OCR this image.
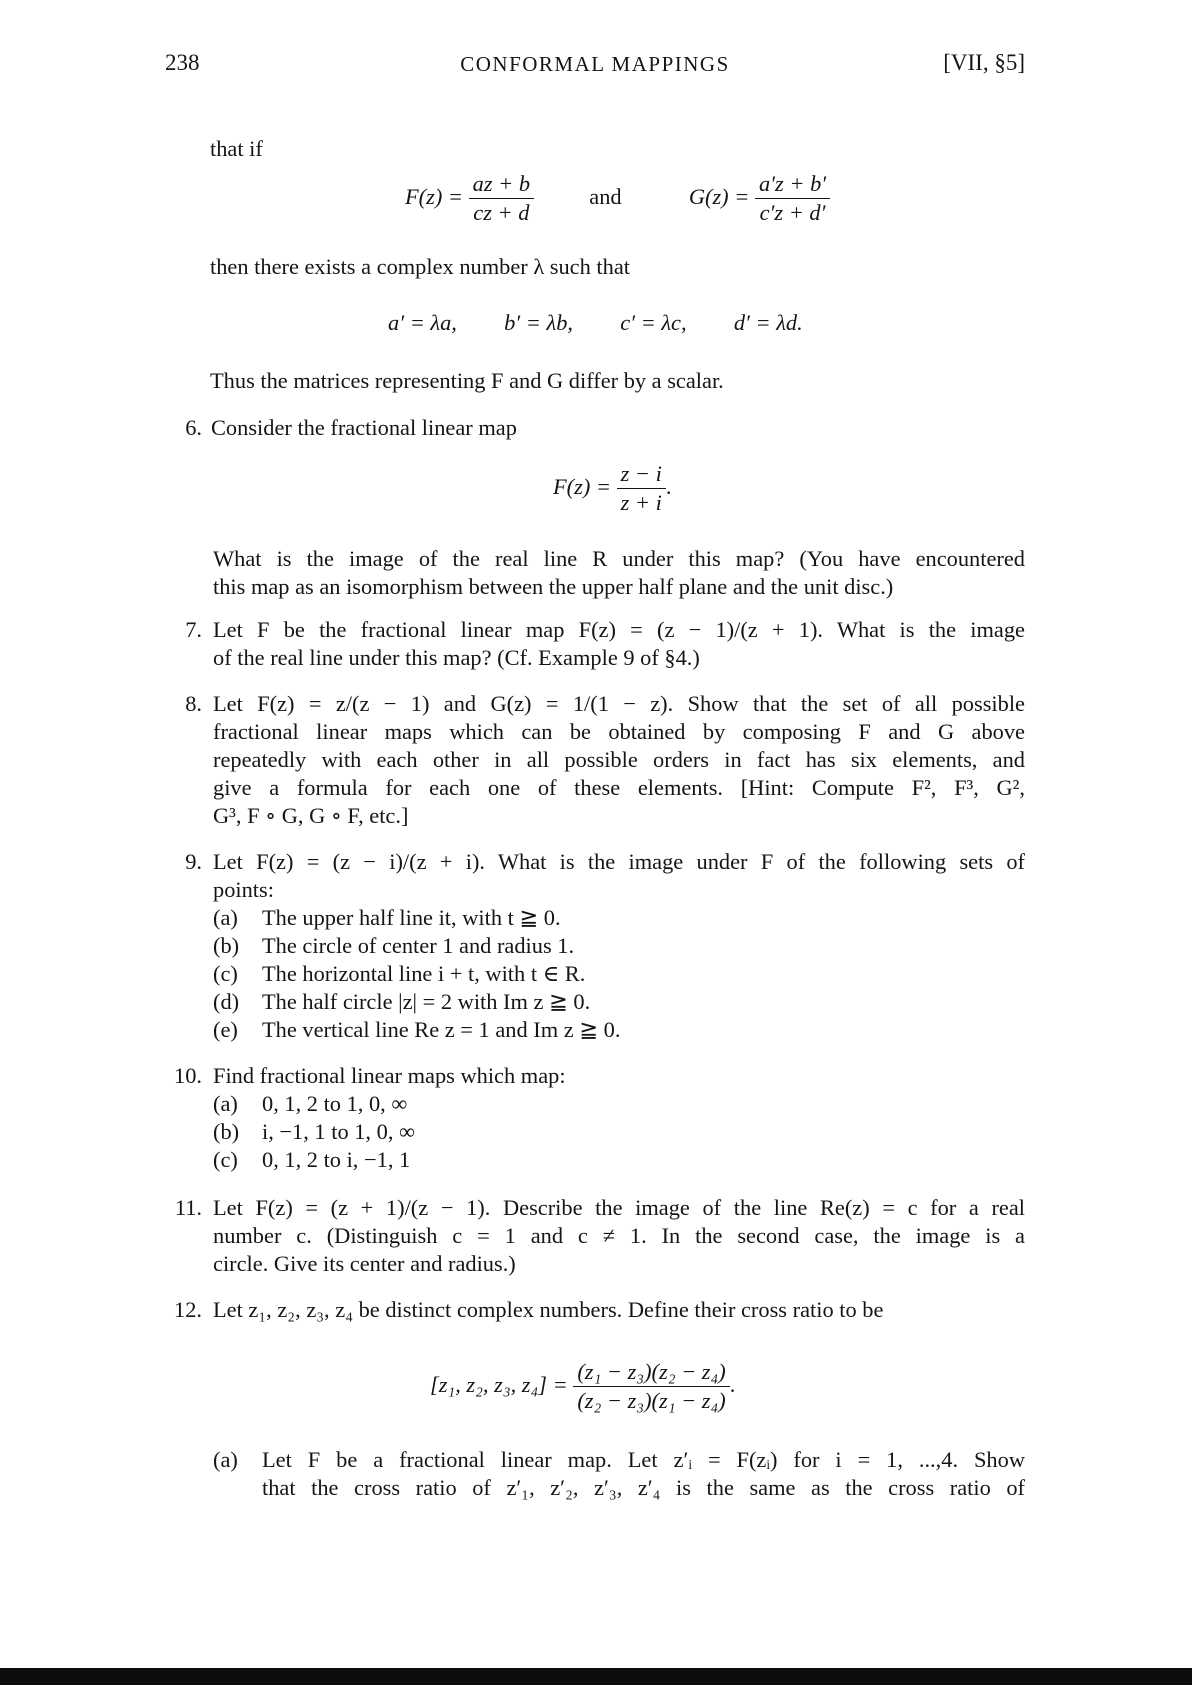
238	CONFORMAL MAPPINGS	[VII, §5]
that if
$F(z) = \frac{az + b}{cz + d}$ and	$G(z) = \frac{a'z + b'}{c'z + d'}$
then there exists a complex number λ such that
a′ = λa, b′ = λb, c′ = λc, d′ = λd.
Thus the matrices representing F and G differ by a scalar.
6. Consider the fractional linear map
$F(z) = \frac{z - i}{z + i}$ .
What is the image of the real line R under this map? (You have encountered
this map as an isomorphism between the upper half plane and the unit disc.)
7. Let F be the fractional linear map F(z) = (z − 1)/(z + 1). What is the image
of the real line under this map? (Cf. Example 9 of §4.)
8. Let F(z) = z/(z − 1) and G(z) = 1/(1 − z). Show that the set of all possible
fractional linear maps which can be obtained by composing F and G above
repeatedly with each other in all possible orders in fact has six elements, and
give a formula for each one of these elements. [Hint: Compute F², F³, G²,
G³, F ∘ G, G ∘ F, etc.]
9. Let F(z) = (z − i)/(z + i). What is the image under F of the following sets of
points:
(a) The upper half line it, with t ≧ 0.
(b) The circle of center 1 and radius 1.
(c) The horizontal line i + t, with t ∈ R.
(d) The half circle |z| = 2 with Im z ≧ 0.
(e) The vertical line Re z = 1 and Im z ≧ 0.
10. Find fractional linear maps which map:
(a) 0, 1, 2 to 1, 0, ∞
(b) i, −1, 1 to 1, 0, ∞
(c) 0, 1, 2 to i, −1, 1
11. Let F(z) = (z + 1)/(z − 1). Describe the image of the line Re(z) = c for a real
number c. (Distinguish c = 1 and c ≠ 1. In the second case, the image is a
circle. Give its center and radius.)
12. Let z₁, z₂, z₃, z₄ be distinct complex numbers. Define their cross ratio to be
[z₁, z₂, z₃, $z_4] = \frac{\text{(z₁ − z₃)(z₂ − z₄)}}{\text{(z₂ − z₃)(z₁ − z₄)}}$ .
(a) Let F be a fractional linear map. Let z′ᵢ = F(zᵢ) for i = 1, ...,4. Show
that the cross ratio of z′₁, z′₂, z′₃, z′₄ is the same as the cross ratio of
